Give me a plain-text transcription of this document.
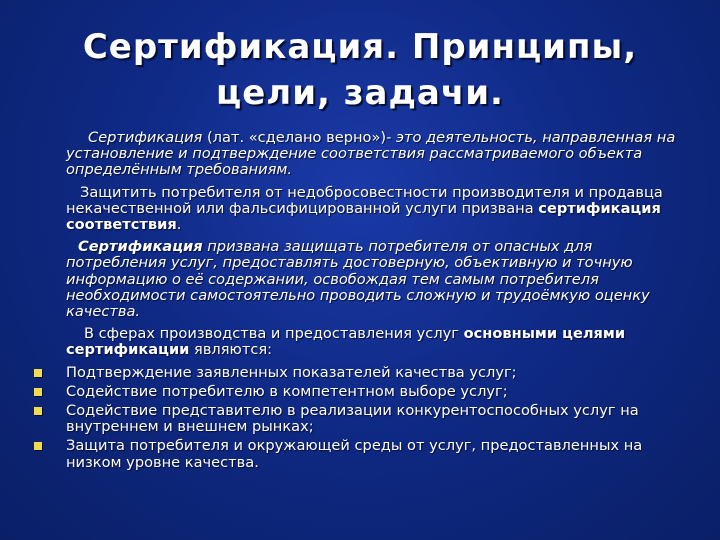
Сертификация. Принципы,
цели, задачи.

Сертификация (лат. «сделано верно»)- это деятельность, направленная на установление и подтверждение соответствия рассматриваемого объекта определённым требованиям.

Защитить потребителя от недобросовестности производителя и продавца некачественной или фальсифицированной услуги призвана сертификация соответствия.

Сертификация призвана защищать потребителя от опасных для потребления услуг, предоставлять достоверную, объективную и точную информацию о её содержании, освобождая тем самым потребителя необходимости самостоятельно проводить сложную и трудоёмкую оценку качества.

В сферах производства и предоставления услуг основными целями сертификации являются:

Подтверждение заявленных показателей качества услуг;
Содействие потребителю в компетентном выборе услуг;
Содействие представителю в реализации конкурентоспособных услуг на внутреннем и внешнем рынках;
Защита потребителя и окружающей среды от услуг, предоставленных на низком уровне качества.
